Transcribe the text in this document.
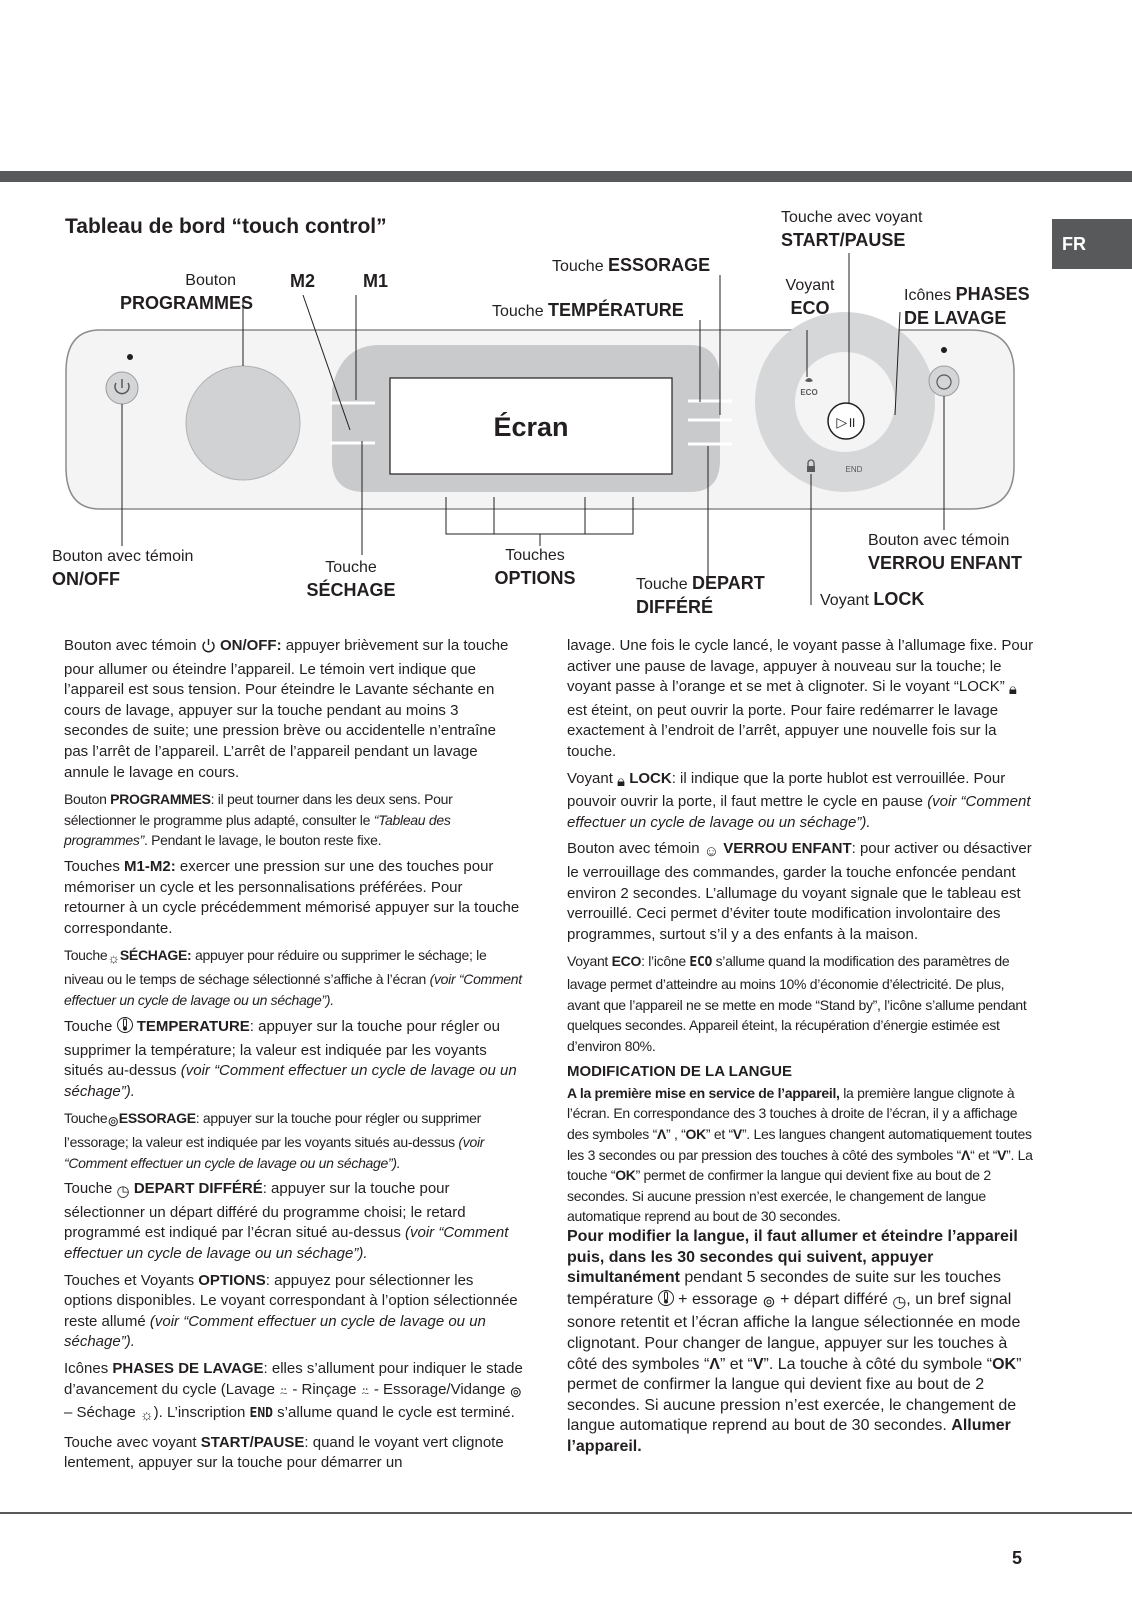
FR
Tableau de bord “touch control”
Écran	▷॥
ECO
END
Bouton
PROGRAMMES
M2	M1
Touche ESSORAGE
Touche TEMPÉRATURE
Touche avec voyant
START/PAUSE
Voyant
ECO
Icônes PHASES
DE LAVAGE
Bouton avec témoin
ON/OFF
Touche
SÉCHAGE
Touches
OPTIONS	Touche DEPART
DIFFÉRÉ
Bouton avec témoin
VERROU ENFANT
Voyant LOCK

Bouton avec témoin ON/OFF: appuyer brièvement sur la touche pour allumer ou éteindre l’appareil. Le témoin vert indique que l’appareil est sous tension. Pour éteindre le Lavante séchante en cours de lavage, appuyer sur la touche pendant au moins 3 secondes de suite; une pression brève ou accidentelle n’entraîne pas l’arrêt de l’appareil. L’arrêt de l’appareil pendant un lavage annule le lavage en cours.

Bouton PROGRAMMES: il peut tourner dans les deux sens. Pour sélectionner le programme plus adapté, consulter le “Tableau des programmes”. Pendant le lavage, le bouton reste fixe.

Touches M1-M2: exercer une pression sur une des touches pour mémoriser un cycle et les personnalisations préférées. Pour retourner à un cycle précédemment mémorisé appuyer sur la touche correspondante.

Touche☼SÉCHAGE: appuyer pour réduire ou supprimer le séchage; le niveau ou le temps de séchage sélectionné s’affiche à l’écran (voir “Comment effectuer un cycle de lavage ou un séchage”).

Touche TEMPERATURE: appuyer sur la touche pour régler ou supprimer la température; la valeur est indiquée par les voyants situés au-dessus (voir “Comment effectuer un cycle de lavage ou un séchage”).

Touche⊚ESSORAGE: appuyer sur la touche pour régler ou supprimer l’essorage; la valeur est indiquée par les voyants situés au-dessus (voir “Comment effectuer un cycle de lavage ou un séchage”).

Touche ◷ DEPART DIFFÉRÉ: appuyer sur la touche pour sélectionner un départ différé du programme choisi; le retard programmé est indiqué par l’écran situé au-dessus (voir “Comment effectuer un cycle de lavage ou un séchage”).

Touches et Voyants OPTIONS: appuyez pour sélectionner les options disponibles. Le voyant correspondant à l’option sélectionnée reste allumé (voir “Comment effectuer un cycle de lavage ou un séchage”).

Icônes PHASES DE LAVAGE: elles s’allument pour indiquer le stade d’avancement du cycle (Lavage ⍨ - Rinçage ⍨ - Essorage/Vidange ⊚ – Séchage ☼). L’inscription END s’allume quand le cycle est terminé.

Touche avec voyant START/PAUSE: quand le voyant vert clignote lentement, appuyer sur la touche pour démarrer un

lavage. Une fois le cycle lancé, le voyant passe à l’allumage fixe. Pour activer une pause de lavage, appuyer à nouveau sur la touche; le voyant passe à l’orange et se met à clignoter. Si le voyant “LOCK” 🔒︎ est éteint, on peut ouvrir la porte. Pour faire redémarrer le lavage exactement à l’endroit de l’arrêt, appuyer une nouvelle fois sur la touche.

Voyant 🔒︎ LOCK: il indique que la porte hublot est verrouillée. Pour pouvoir ouvrir la porte, il faut mettre le cycle en pause (voir “Comment effectuer un cycle de lavage ou un séchage”).

Bouton avec témoin ☺ VERROU ENFANT: pour activer ou désactiver le verrouillage des commandes, garder la touche enfoncée pendant environ 2 secondes. L’allumage du voyant signale que le tableau est verrouillé. Ceci permet d’éviter toute modification involontaire des programmes, surtout s’il y a des enfants à la maison.

Voyant ECO: l’icône ECO s’allume quand la modification des paramètres de lavage permet d’atteindre au moins 10% d’économie d’électricité. De plus, avant que l’appareil ne se mette en mode “Stand by”, l’icône s’allume pendant quelques secondes. Appareil éteint, la récupération d’énergie estimée est d’environ 80%.

MODIFICATION DE LA LANGUE

A la première mise en service de l’appareil, la première langue clignote à l’écran. En correspondance des 3 touches à droite de l’écran, il y a affichage des symboles “Λ” , “OK” et “V”. Les langues changent automatiquement toutes les 3 secondes ou par pression des touches à côté des symboles “Λ“ et “V”. La touche “OK” permet de confirmer la langue qui devient fixe au bout de 2 secondes. Si aucune pression n’est exercée, le changement de langue automatique reprend au bout de 30 secondes.

Pour modifier la langue, il faut allumer et éteindre l’appareil puis, dans les 30 secondes qui suivent, appuyer simultanément pendant 5 secondes de suite sur les touches température  + essorage ⊚ + départ différé ◷, un bref signal sonore retentit et l’écran affiche la langue sélectionnée en mode clignotant. Pour changer de langue, appuyer sur les touches à côté des symboles “Λ” et “V”. La touche à côté du symbole “OK” permet de confirmer la langue qui devient fixe au bout de 2 secondes. Si aucune pression n’est exercée, le changement de langue automatique reprend au bout de 30 secondes. Allumer l’appareil.

5
